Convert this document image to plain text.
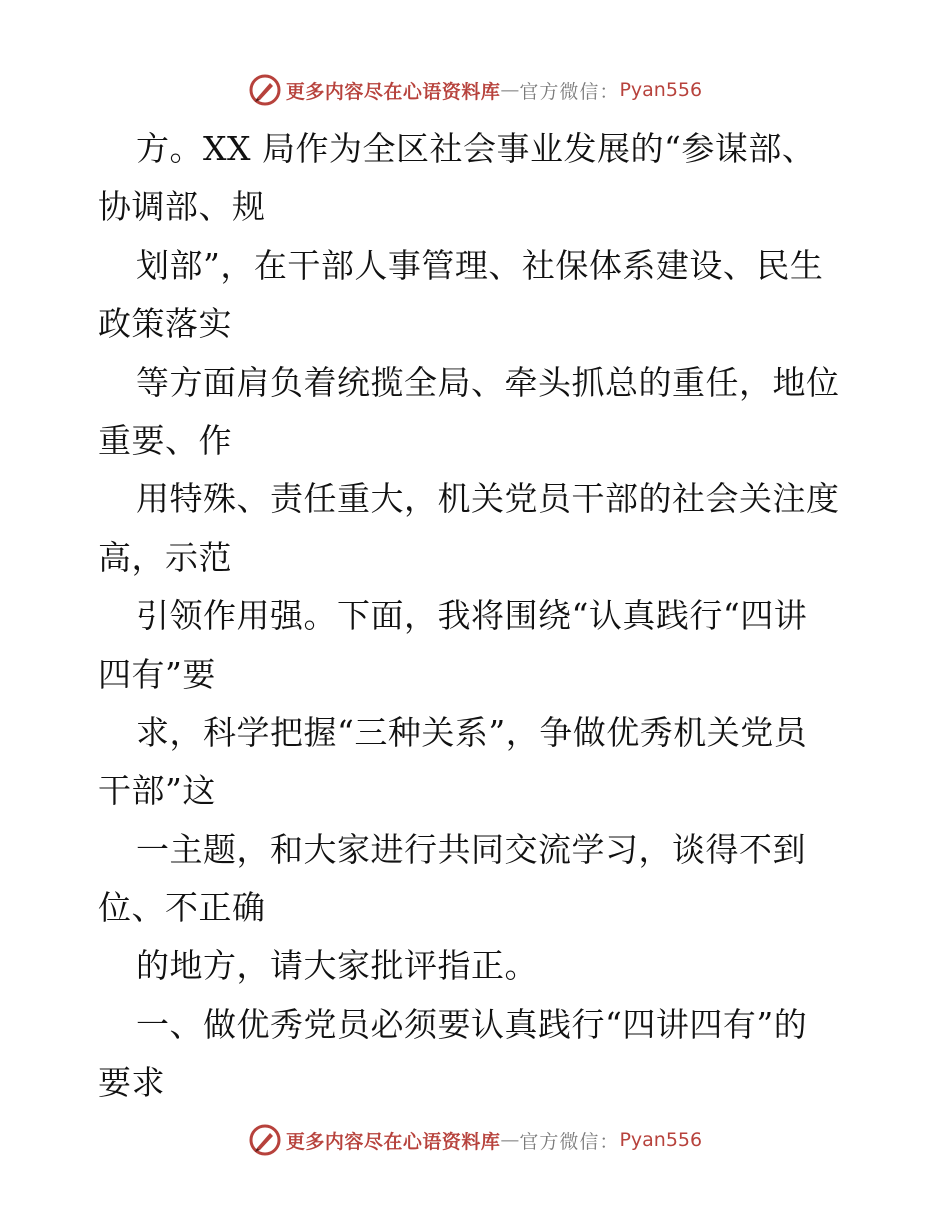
更多内容尽在心语资料库 — 官方微信： Pyan556
方。XX 局作为全区社会事业发展的“参谋部、
协调部、规
划部”，在干部人事管理、社保体系建设、民生
政策落实
等方面肩负着统揽全局、牵头抓总的重任，地位
重要、作
用特殊、责任重大，机关党员干部的社会关注度
高，示范
引领作用强。下面，我将围绕“认真践行“四讲
四有”要
求，科学把握“三种关系”，争做优秀机关党员
干部”这
一主题，和大家进行共同交流学习，谈得不到
位、不正确
的地方，请大家批评指正。
一、做优秀党员必须要认真践行“四讲四有”的
要求
更多内容尽在心语资料库 — 官方微信： Pyan556
